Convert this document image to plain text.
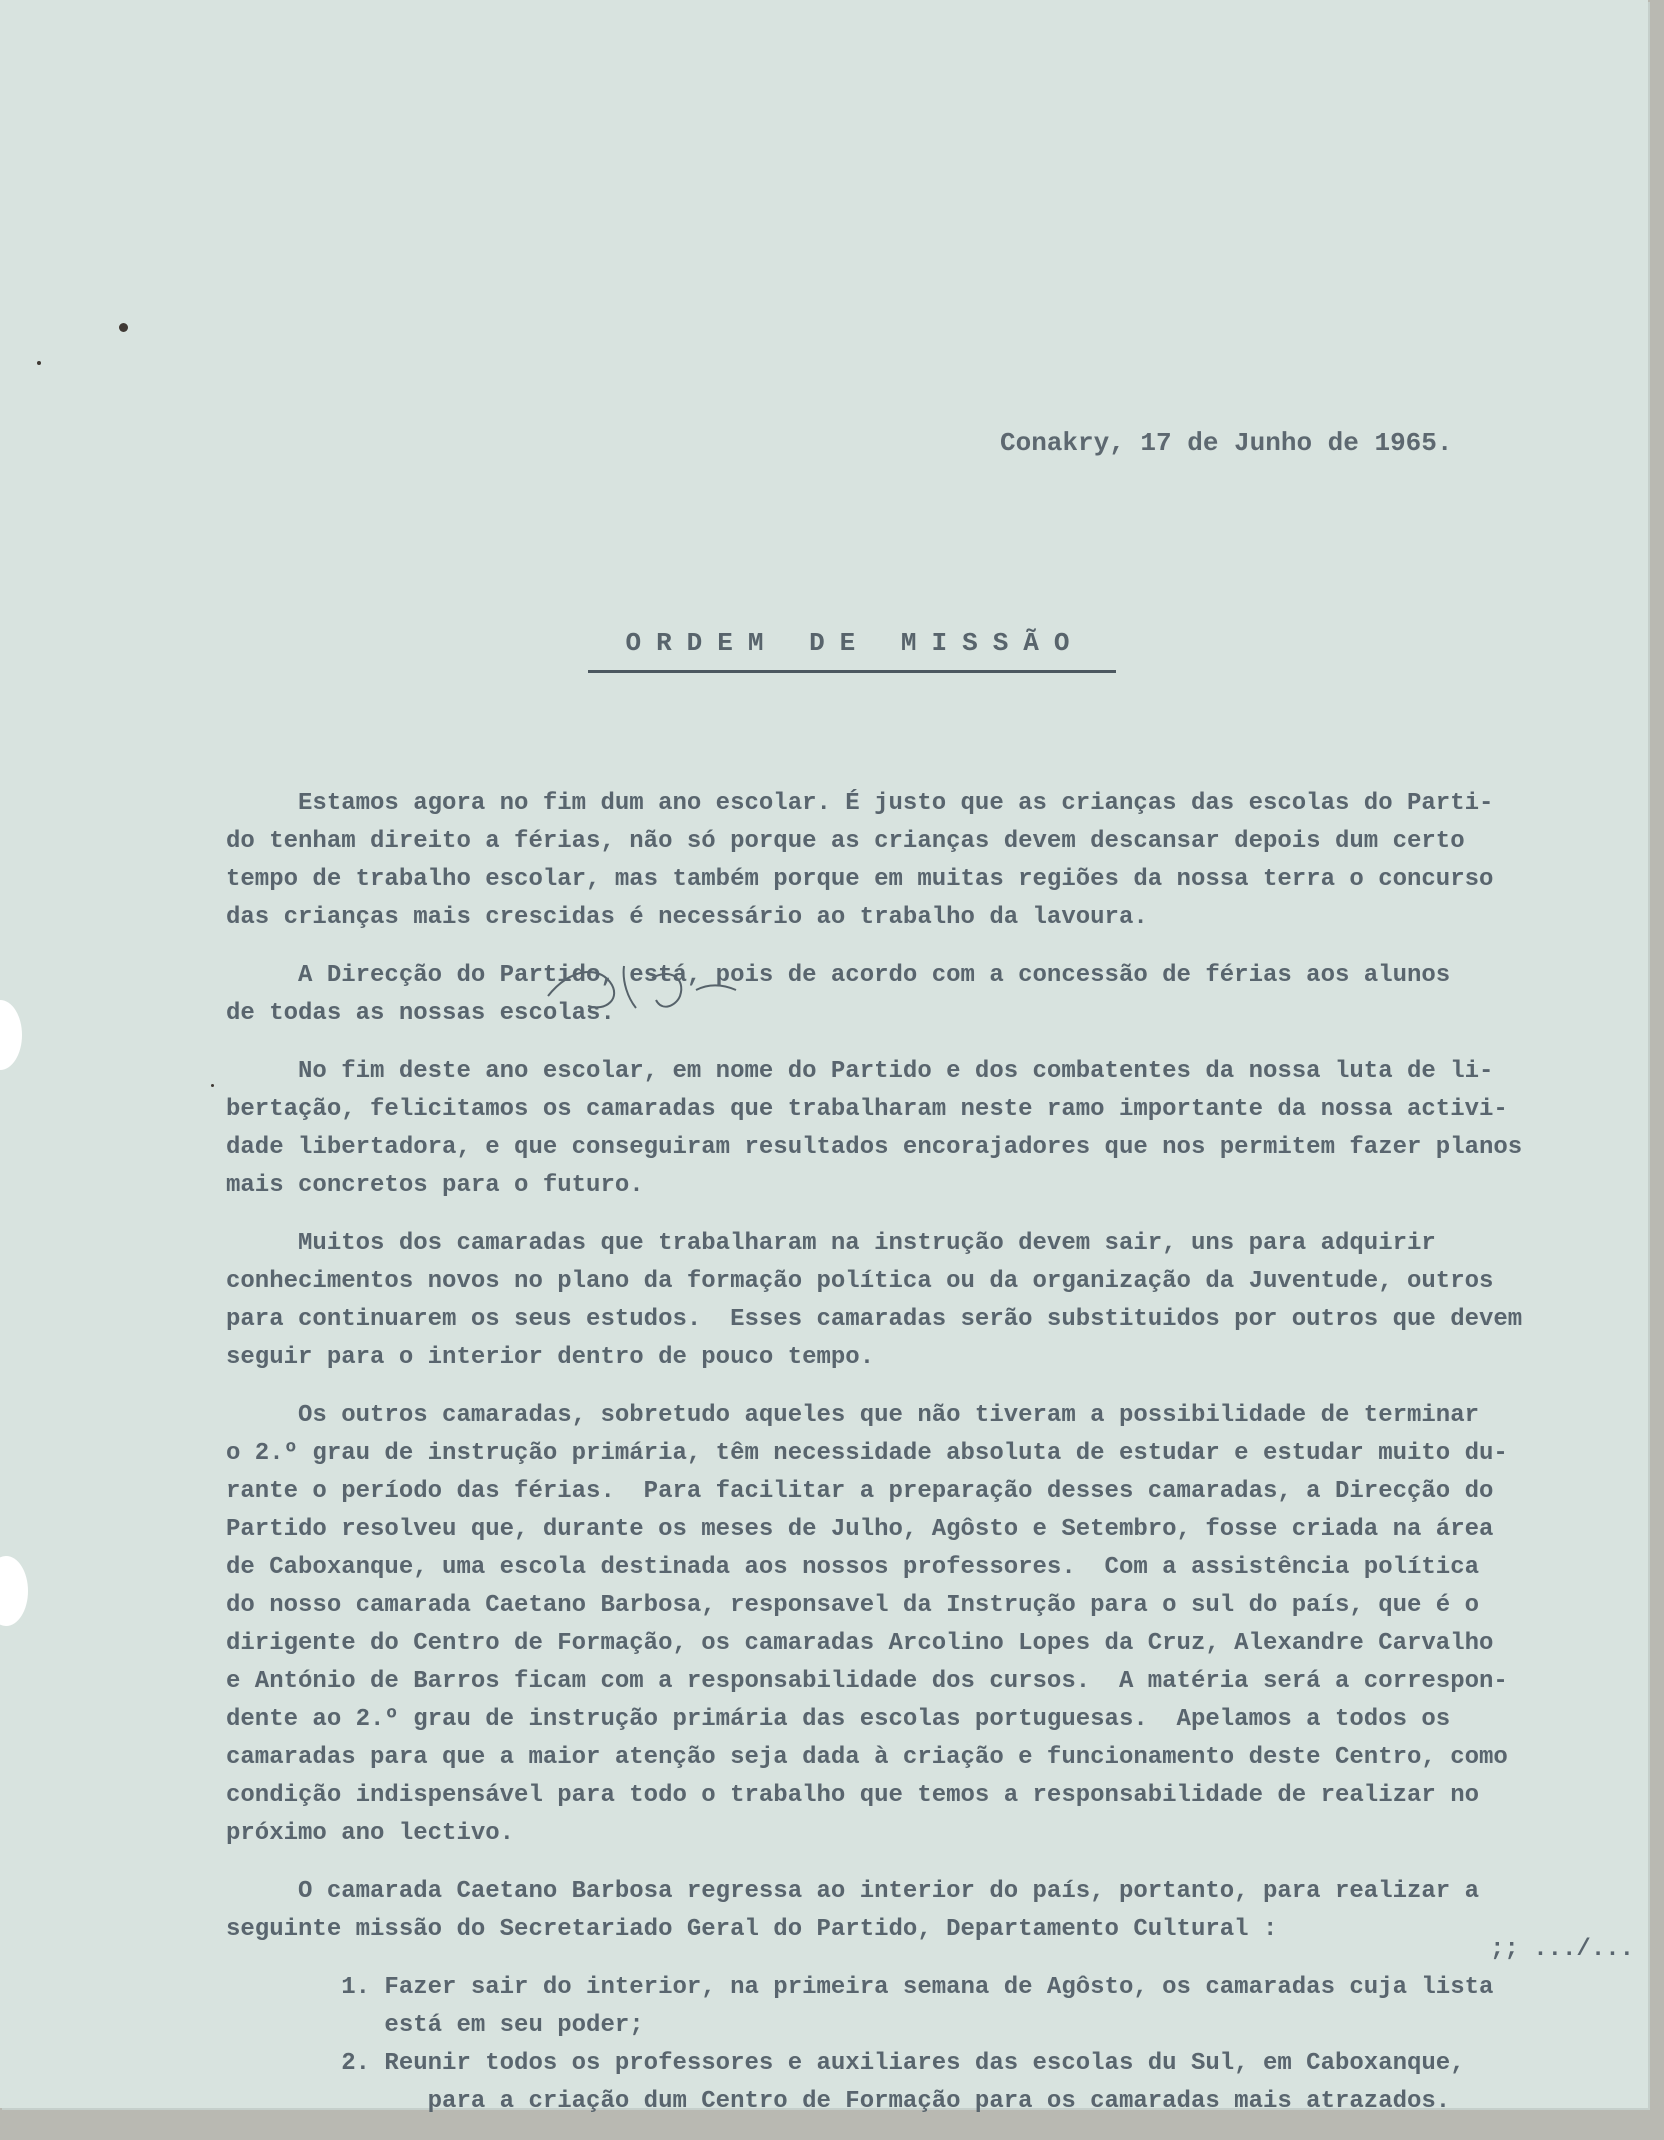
Conakry, 17 de Junho de 1965.
ORDEM DE MISSÃO
Estamos agora no fim dum ano escolar. É justo que as crianças das escolas do Parti-
do tenham direito a férias, não só porque as crianças devem descansar depois dum certo
tempo de trabalho escolar, mas também porque em muitas regiões da nossa terra o concurso
das crianças mais crescidas é necessário ao trabalho da lavoura.
A Direcção do Partido, está, pois de acordo com a concessão de férias aos alunos
de todas as nossas escolas.
No fim deste ano escolar, em nome do Partido e dos combatentes da nossa luta de li-
bertação, felicitamos os camaradas que trabalharam neste ramo importante da nossa activi-
dade libertadora, e que conseguiram resultados encorajadores que nos permitem fazer planos
mais concretos para o futuro.
Muitos dos camaradas que trabalharam na instrução devem sair, uns para adquirir
conhecimentos novos no plano da formação política ou da organização da Juventude, outros
para continuarem os seus estudos.  Esses camaradas serão substituidos por outros que devem
seguir para o interior dentro de pouco tempo.
Os outros camaradas, sobretudo aqueles que não tiveram a possibilidade de terminar
o 2.º grau de instrução primária, têm necessidade absoluta de estudar e estudar muito du-
rante o período das férias.  Para facilitar a preparação desses camaradas, a Direcção do
Partido resolveu que, durante os meses de Julho, Agôsto e Setembro, fosse criada na área
de Caboxanque, uma escola destinada aos nossos professores.  Com a assistência política
do nosso camarada Caetano Barbosa, responsavel da Instrução para o sul do país, que é o
dirigente do Centro de Formação, os camaradas Arcolino Lopes da Cruz, Alexandre Carvalho
e António de Barros ficam com a responsabilidade dos cursos.  A matéria será a correspon-
dente ao 2.º grau de instrução primária das escolas portuguesas.  Apelamos a todos os
camaradas para que a maior atenção seja dada à criação e funcionamento deste Centro, como
condição indispensável para todo o trabalho que temos a responsabilidade de realizar no
próximo ano lectivo.
O camarada Caetano Barbosa regressa ao interior do país, portanto, para realizar a
seguinte missão do Secretariado Geral do Partido, Departamento Cultural :
1. Fazer sair do interior, na primeira semana de Agôsto, os camaradas cuja lista
está em seu poder;
2. Reunir todos os professores e auxiliares das escolas du Sul, em Caboxanque,
para a criação dum Centro de Formação para os camaradas mais atrazados.
;; .../...
